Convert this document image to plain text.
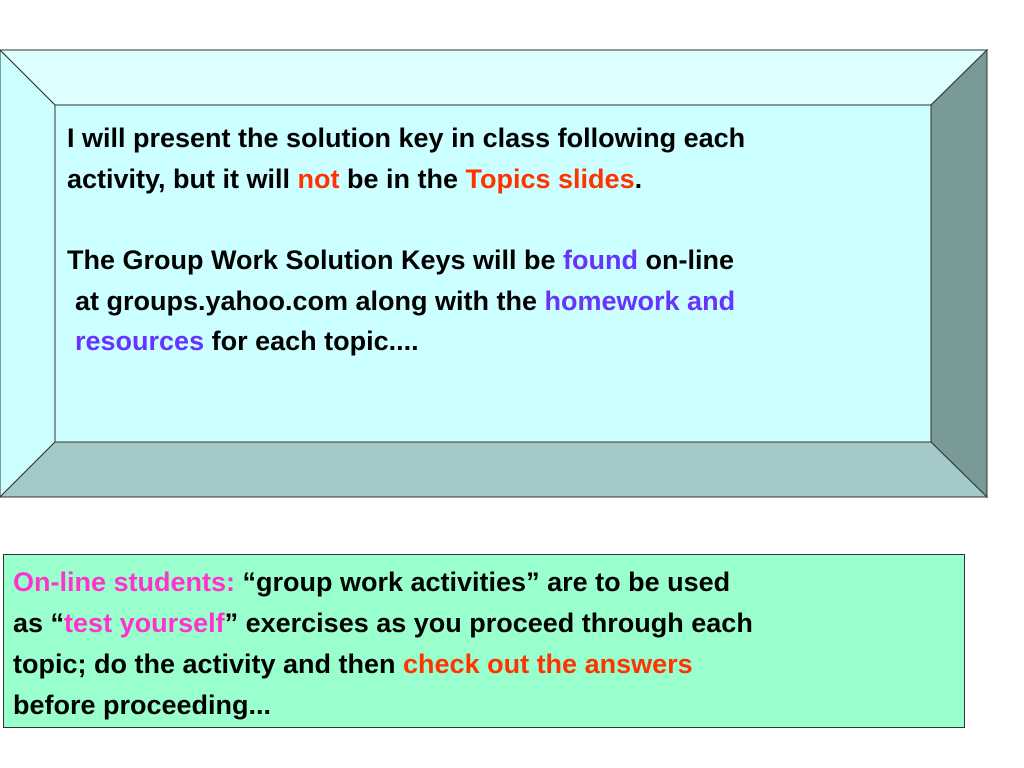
I will present the solution key in class following each
activity, but it will not be in the Topics slides.
The Group Work Solution Keys will be found on-line
at groups.yahoo.com along with the homework and
resources for each topic....
On-line students: “group work activities” are to be used
as “test yourself” exercises as you proceed through each
topic; do the activity and then check out the answers
before proceeding...
